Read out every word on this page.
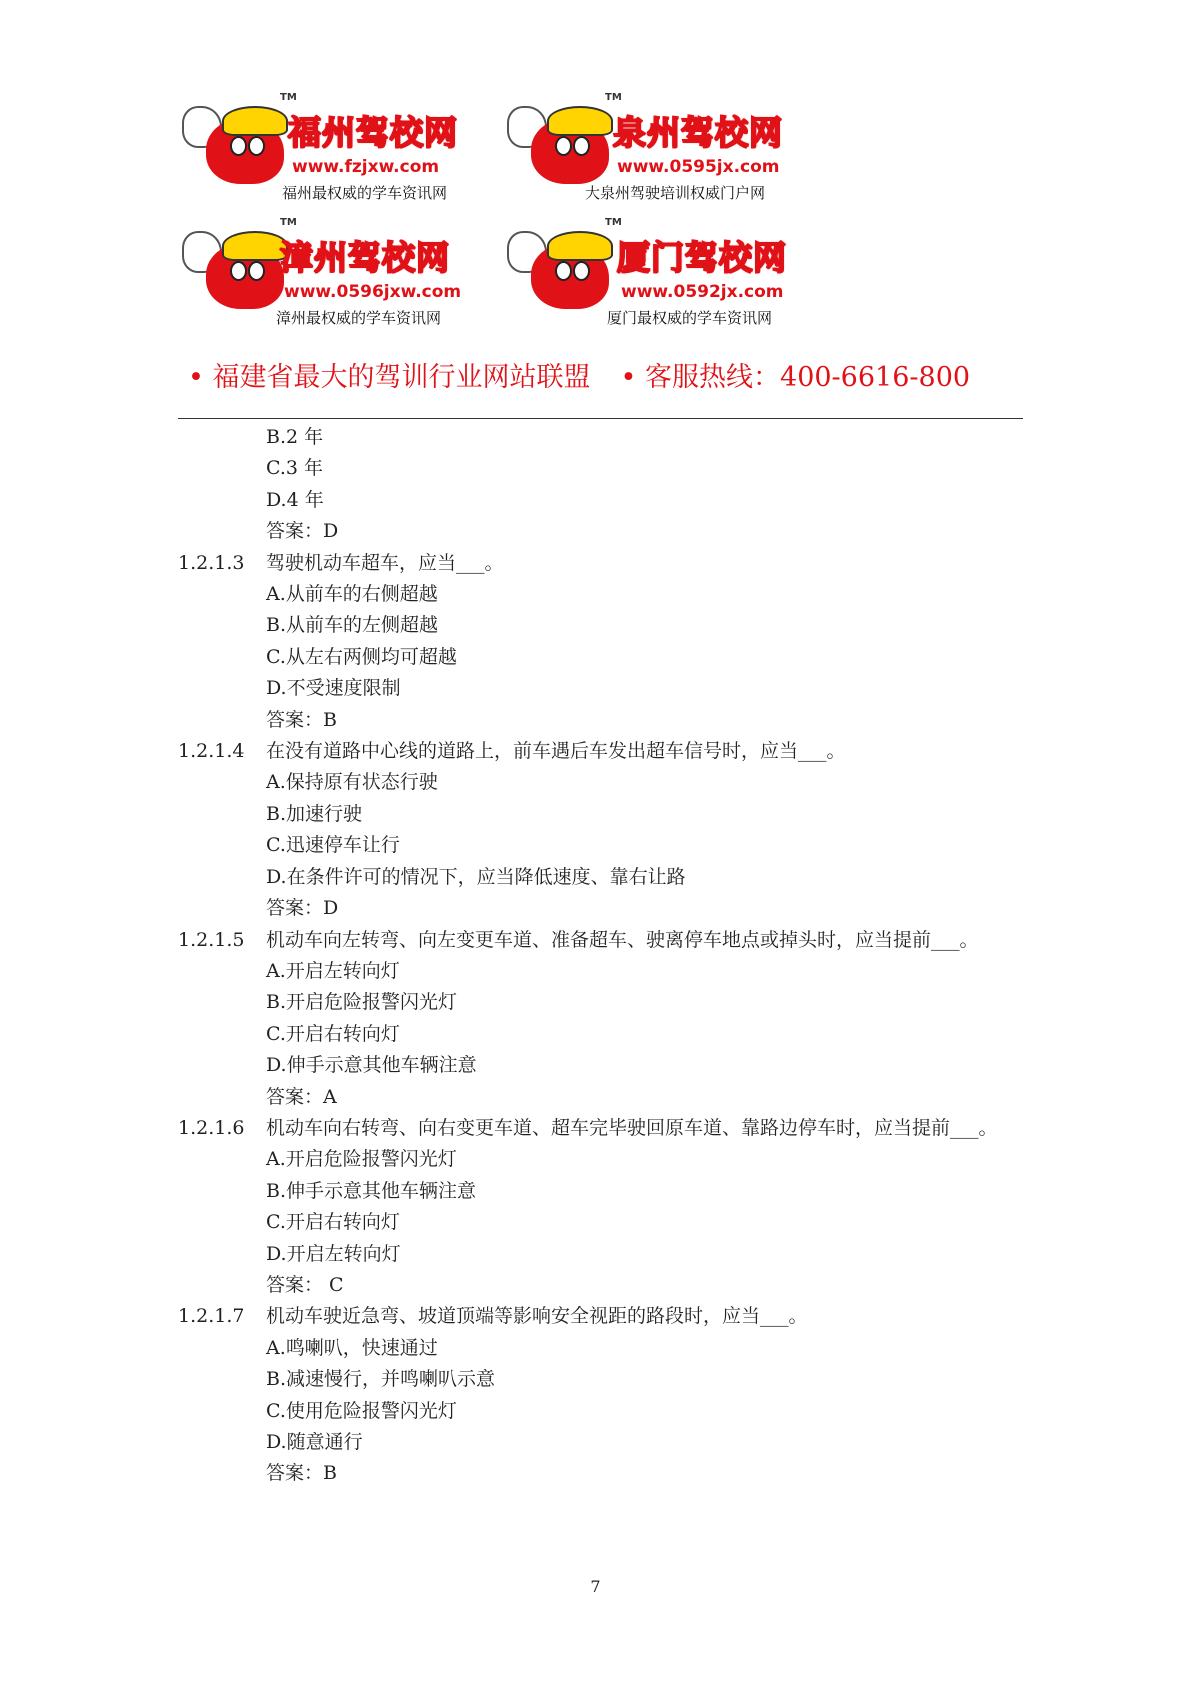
TM
福州驾校网
www.fzjxw.com
福州最权威的学车资讯网
TM
泉州驾校网
www.0595jx.com
大泉州驾驶培训权威门户网
TM
漳州驾校网
www.0596jxw.com
漳州最权威的学车资讯网
TM
厦门驾校网
www.0592jx.com
厦门最权威的学车资讯网
• 福建省最大的驾训行业网站联盟 • 客服热线：400-6616-800
B.2 年
C.3 年
D.4 年
答案：D
1.2.1.3	驾驶机动车超车，应当___。
A.从前车的右侧超越
B.从前车的左侧超越
C.从左右两侧均可超越
D.不受速度限制
答案：B
1.2.1.4	在没有道路中心线的道路上，前车遇后车发出超车信号时，应当___。
A.保持原有状态行驶
B.加速行驶
C.迅速停车让行
D.在条件许可的情况下，应当降低速度、靠右让路
答案：D
1.2.1.5	机动车向左转弯、向左变更车道、准备超车、驶离停车地点或掉头时，应当提前___。
A.开启左转向灯
B.开启危险报警闪光灯
C.开启右转向灯
D.伸手示意其他车辆注意
答案：A
1.2.1.6	机动车向右转弯、向右变更车道、超车完毕驶回原车道、靠路边停车时，应当提前___。
A.开启危险报警闪光灯
B.伸手示意其他车辆注意
C.开启右转向灯
D.开启左转向灯
答案： C
1.2.1.7	机动车驶近急弯、坡道顶端等影响安全视距的路段时，应当___。
A.鸣喇叭，快速通过
B.减速慢行，并鸣喇叭示意
C.使用危险报警闪光灯
D.随意通行
答案：B
7
